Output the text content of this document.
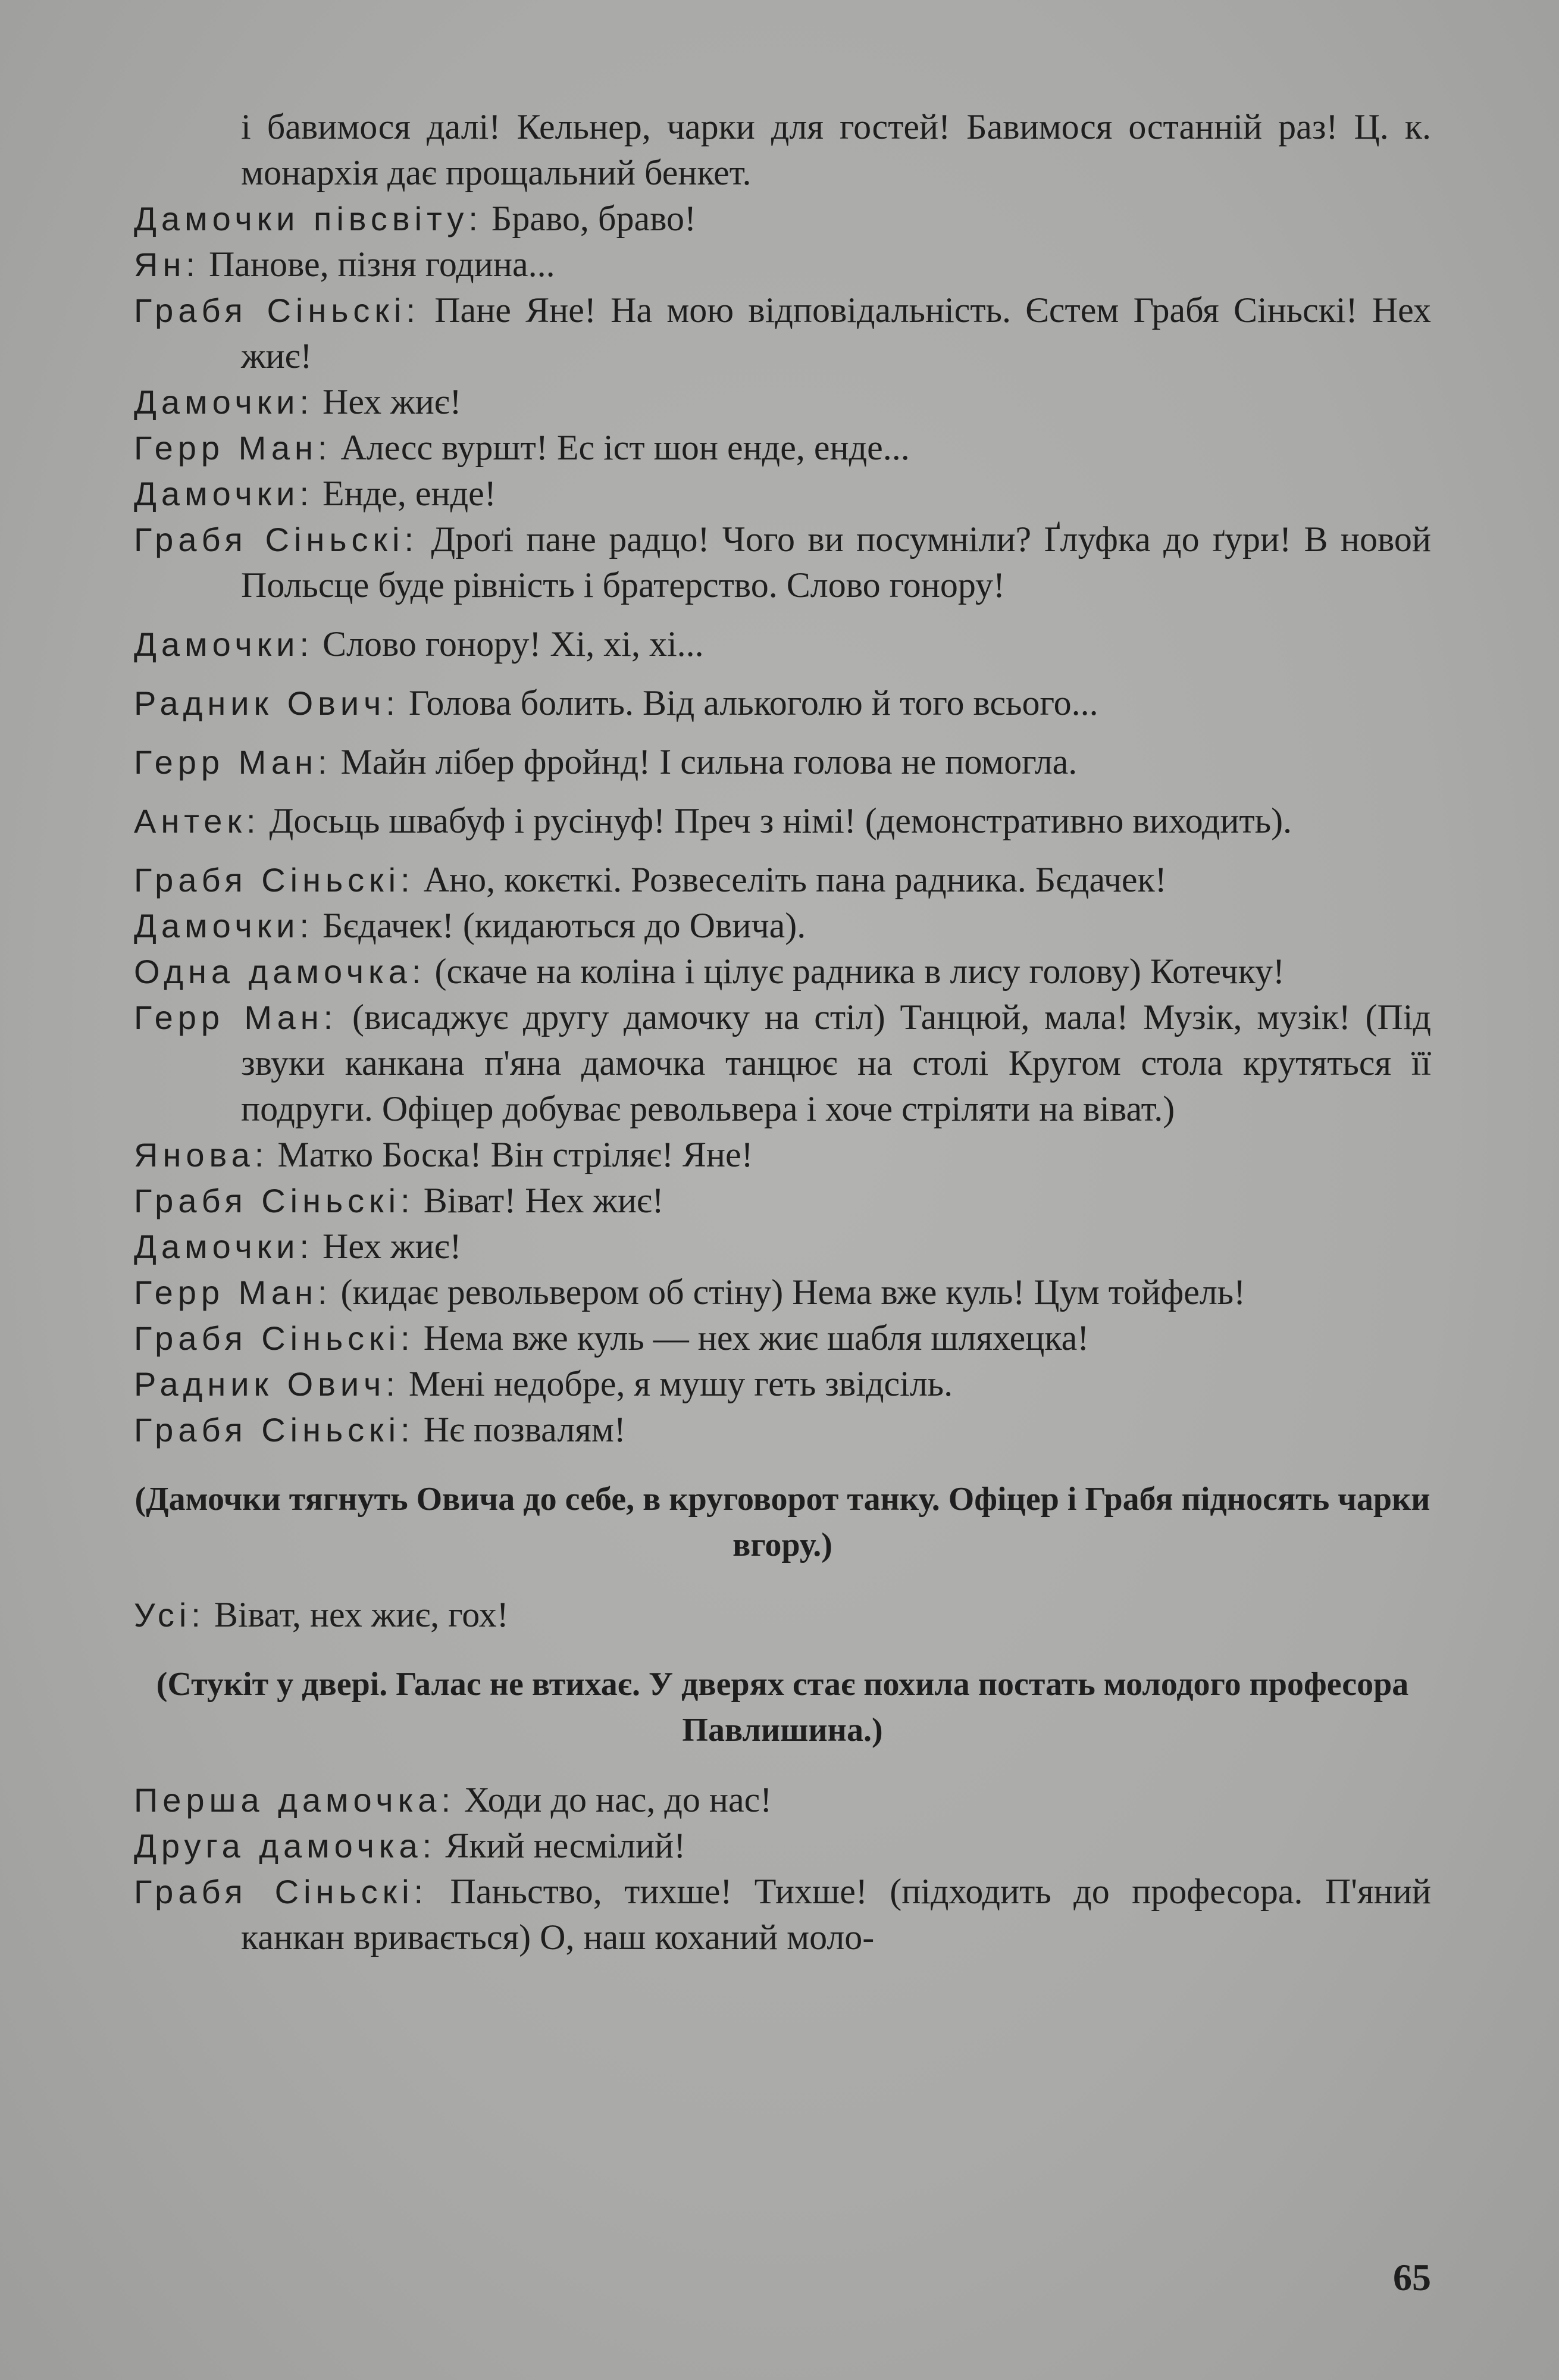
і бавимося далі! Кельнер, чарки для гостей! Бавимося останній раз! Ц. к. монархія дає прощальний бенкет.

Дамочки півсвіту: Браво, браво!

Ян: Панове, пізня година...

Грабя Сіньскі: Пане Яне! На мою відповідальність. Єстем Грабя Сіньскі! Нех жиє!

Дамочки: Нех жиє!

Герр Ман: Алесс вуршт! Ес іст шон енде, енде...

Дамочки: Енде, енде!

Грабя Сіньскі: Дроґі пане радцо! Чого ви посумніли? Ґлуфка до ґури! В новой Польсце буде рівність і братерство. Слово гонору!

Дамочки: Слово гонору! Хі, хі, хі...

Радник Ович: Голова болить. Від алькоголю й того всього...

Герр Ман: Майн лібер фройнд! І сильна голова не помогла.

Антек: Досьць швабуф і русінуф! Преч з німі! (демонстративно виходить).

Грабя Сіньскі: Ано, кокєткі. Розвеселіть пана радника. Бєдачек!

Дамочки: Бєдачек! (кидаються до Овича).

Одна дамочка: (скаче на коліна і цілує радника в лису голову) Котечку!

Герр Ман: (висаджує другу дамочку на стіл) Танцюй, мала! Музік, музік! (Під звуки канкана п'яна дамочка танцює на столі Кругом стола крутяться її подруги. Офіцер добуває револьвера і хоче стріляти на віват.)

Янова: Матко Боска! Він стріляє! Яне!

Грабя Сіньскі: Віват! Нех жиє!

Дамочки: Нех жиє!

Герр Ман: (кидає револьвером об стіну) Нема вже куль! Цум тойфель!

Грабя Сіньскі: Нема вже куль — нех жиє шабля шляхецка!

Радник Ович: Мені недобре, я мушу геть звідсіль.

Грабя Сіньскі: Нє позвалям!

(Дамочки тягнуть Овича до себе, в круговорот танку. Офіцер і Грабя підносять чарки вгору.)

Усі: Віват, нех жиє, гох!

(Стукіт у двері. Галас не втихає. У дверях стає похила постать молодого професора Павлишина.)

Перша дамочка: Ходи до нас, до нас!

Друга дамочка: Який несмілий!

Грабя Сіньскі: Паньство, тихше! Тихше! (підходить до професора. П'яний канкан вривається) О, наш коханий моло-

65
